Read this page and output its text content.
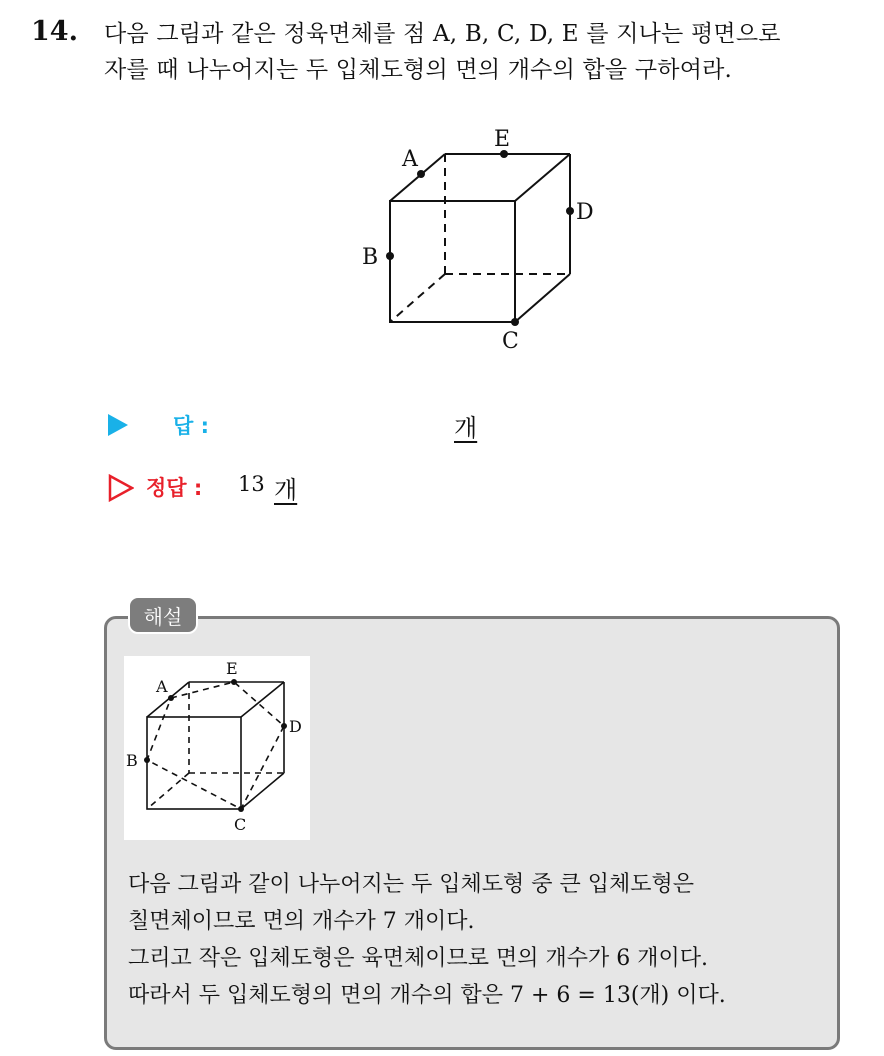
14. 다음 그림과 같은 정육면체를 점 A, B, C, D, E 를 지나는 평면으로
자를 때 나누어지는 두 입체도형의 면의 개수의 합을 구하여라.
A
B
C
D
E
답 :	개
정답 : 13 개
해설
A
B
C
D
E
다음 그림과 같이 나누어지는 두 입체도형 중 큰 입체도형은
칠면체이므로 면의 개수가 7 개이다.
그리고 작은 입체도형은 육면체이므로 면의 개수가 6 개이다.
따라서 두 입체도형의 면의 개수의 합은 7 + 6 = 13(개) 이다.
